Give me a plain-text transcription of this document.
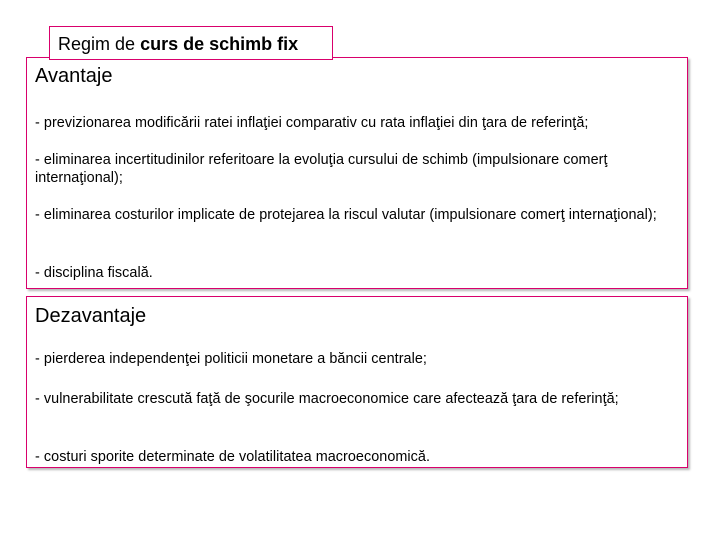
Avantaje
- previzionarea modificării ratei inflaţiei comparativ cu rata inflaţiei din ţara de referinţă;
- eliminarea incertitudinilor referitoare la evoluţia cursului de schimb (impulsionare comerţ internaţional);
- eliminarea costurilor implicate de protejarea la riscul valutar (impulsionare comerţ internaţional);
- disciplina fiscală.
Dezavantaje
- pierderea independenţei politicii monetare a băncii centrale;
- vulnerabilitate crescută faţă de şocurile macroeconomice care afectează ţara de referinţă;
- costuri sporite determinate de volatilitatea macroeconomică.
Regim de curs de schimb fix
